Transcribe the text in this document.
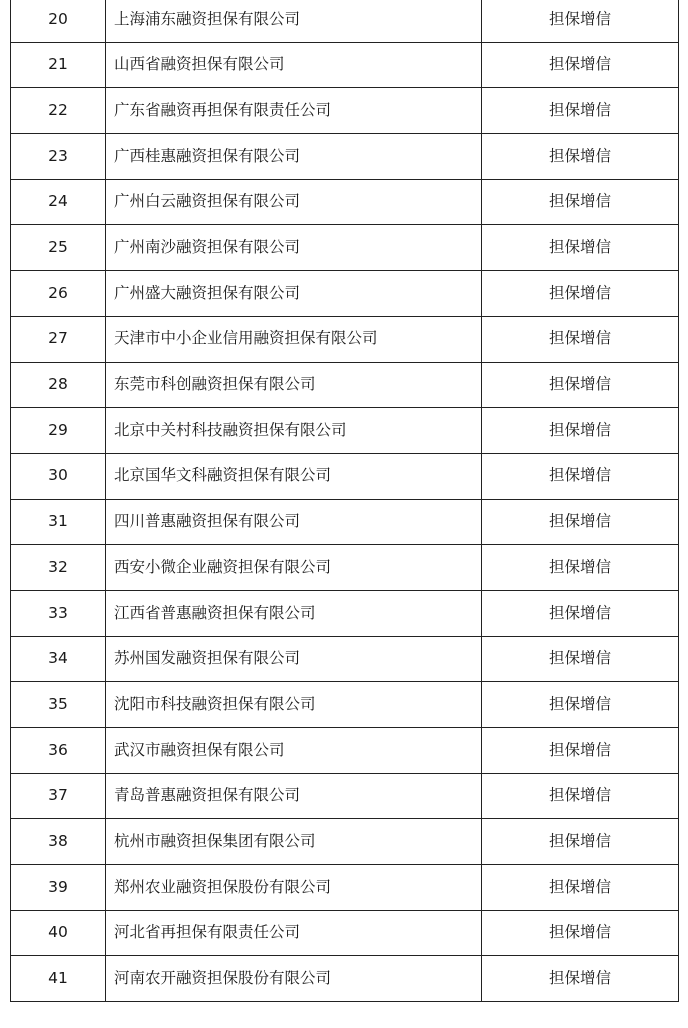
20	上海浦东融资担保有限公司	担保增信
21	山西省融资担保有限公司	担保增信
22	广东省融资再担保有限责任公司	担保增信
23	广西桂惠融资担保有限公司	担保增信
24	广州白云融资担保有限公司	担保增信
25	广州南沙融资担保有限公司	担保增信
26	广州盛大融资担保有限公司	担保增信
27	天津市中小企业信用融资担保有限公司	担保增信
28	东莞市科创融资担保有限公司	担保增信
29	北京中关村科技融资担保有限公司	担保增信
30	北京国华文科融资担保有限公司	担保增信
31	四川普惠融资担保有限公司	担保增信
32	西安小微企业融资担保有限公司	担保增信
33	江西省普惠融资担保有限公司	担保增信
34	苏州国发融资担保有限公司	担保增信
35	沈阳市科技融资担保有限公司	担保增信
36	武汉市融资担保有限公司	担保增信
37	青岛普惠融资担保有限公司	担保增信
38	杭州市融资担保集团有限公司	担保增信
39	郑州农业融资担保股份有限公司	担保增信
40	河北省再担保有限责任公司	担保增信
41	河南农开融资担保股份有限公司	担保增信
